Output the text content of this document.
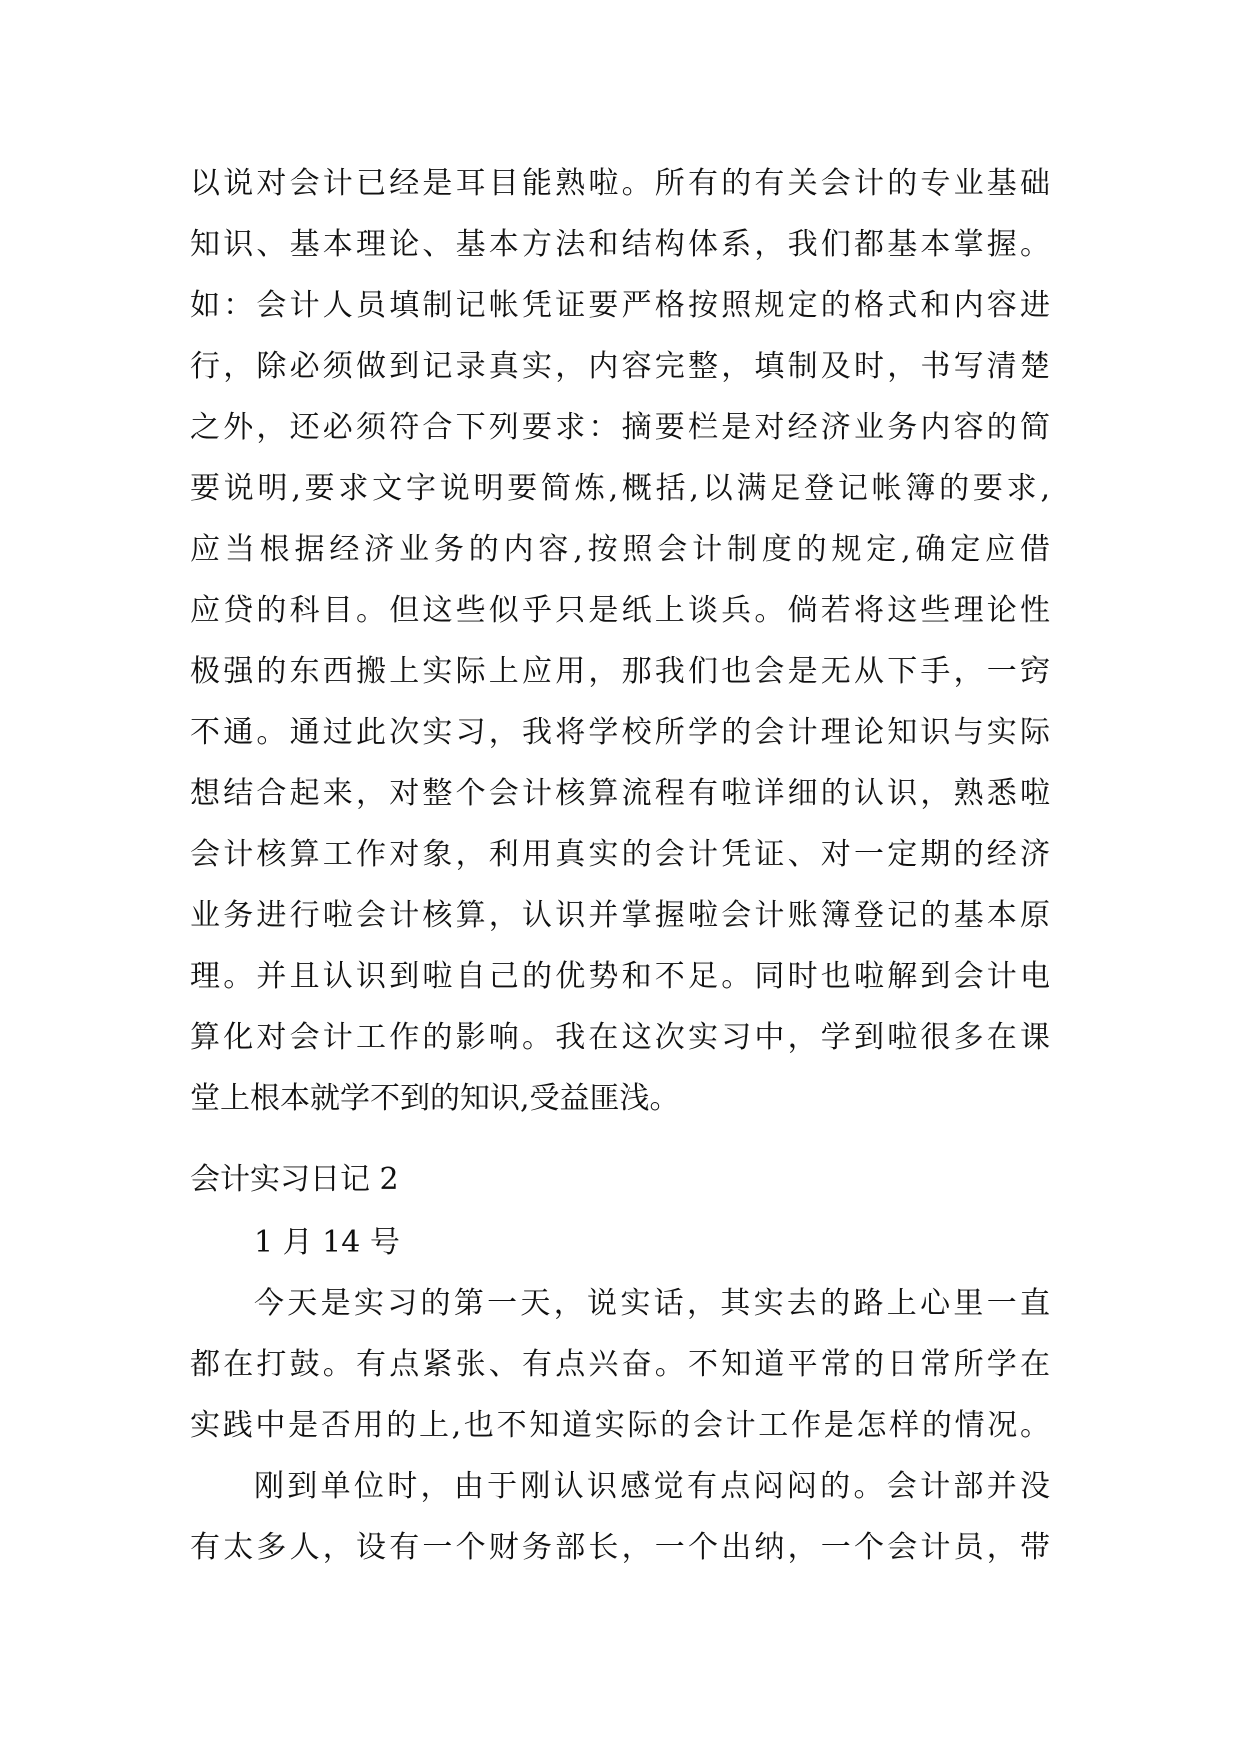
以说对会计已经是耳目能熟啦。所有的有关会计的专业基础
知识、基本理论、基本方法和结构体系，我们都基本掌握。
如：会计人员填制记帐凭证要严格按照规定的格式和内容进
行，除必须做到记录真实，内容完整，填制及时，书写清楚
之外，还必须符合下列要求：摘要栏是对经济业务内容的简
要说明,要求文字说明要简炼,概括,以满足登记帐簿的要求,
应当根据经济业务的内容,按照会计制度的规定,确定应借
应贷的科目。但这些似乎只是纸上谈兵。倘若将这些理论性
极强的东西搬上实际上应用，那我们也会是无从下手，一窍
不通。通过此次实习，我将学校所学的会计理论知识与实际
想结合起来，对整个会计核算流程有啦详细的认识，熟悉啦
会计核算工作对象，利用真实的会计凭证、对一定期的经济
业务进行啦会计核算，认识并掌握啦会计账簿登记的基本原
理。并且认识到啦自己的优势和不足。同时也啦解到会计电
算化对会计工作的影响。我在这次实习中，学到啦很多在课
堂上根本就学不到的知识,受益匪浅。
会计实习日记 2
1 月 14 号
今天是实习的第一天，说实话，其实去的路上心里一直
都在打鼓。有点紧张、有点兴奋。不知道平常的日常所学在
实践中是否用的上,也不知道实际的会计工作是怎样的情况。
刚到单位时，由于刚认识感觉有点闷闷的。会计部并没
有太多人，设有一个财务部长，一个出纳，一个会计员，带
